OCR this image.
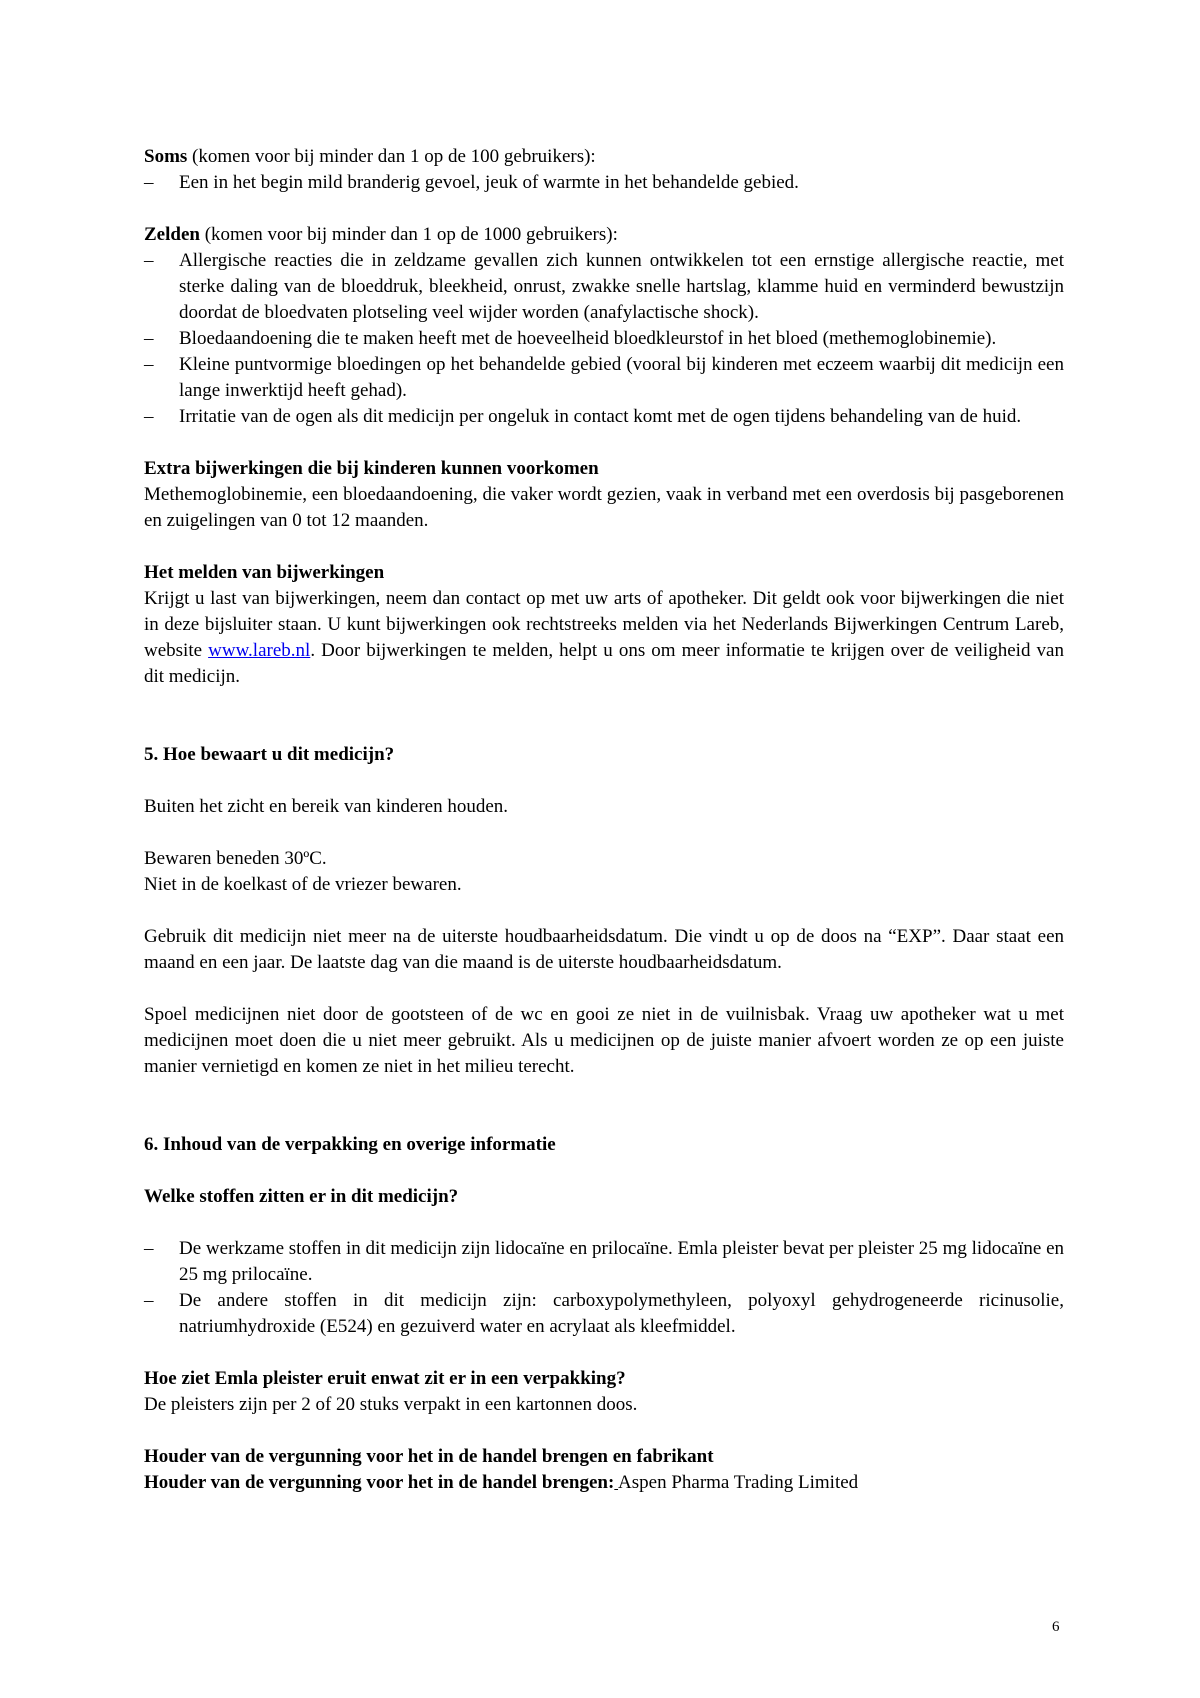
Soms (komen voor bij minder dan 1 op de 100 gebruikers):

– Een in het begin mild branderig gevoel, jeuk of warmte in het behandelde gebied.

Zelden (komen voor bij minder dan 1 op de 1000 gebruikers):

– Allergische reacties die in zeldzame gevallen zich kunnen ontwikkelen tot een ernstige allergische reactie, met sterke daling van de bloeddruk, bleekheid, onrust, zwakke snelle hartslag, klamme huid en verminderd bewustzijn doordat de bloedvaten plotseling veel wijder worden (anafylactische shock).
– Bloedaandoening die te maken heeft met de hoeveelheid bloedkleurstof in het bloed (methemoglobinemie).
– Kleine puntvormige bloedingen op het behandelde gebied (vooral bij kinderen met eczeem waarbij dit medicijn een lange inwerktijd heeft gehad).
– Irritatie van de ogen als dit medicijn per ongeluk in contact komt met de ogen tijdens behandeling van de huid.

Extra bijwerkingen die bij kinderen kunnen voorkomen

Methemoglobinemie, een bloedaandoening, die vaker wordt gezien, vaak in verband met een overdosis bij pasgeborenen en zuigelingen van 0 tot 12 maanden.

Het melden van bijwerkingen

Krijgt u last van bijwerkingen, neem dan contact op met uw arts of apotheker. Dit geldt ook voor bijwerkingen die niet in deze bijsluiter staan. U kunt bijwerkingen ook rechtstreeks melden via het Nederlands Bijwerkingen Centrum Lareb, website www.lareb.nl. Door bijwerkingen te melden, helpt u ons om meer informatie te krijgen over de veiligheid van dit medicijn.

5. Hoe bewaart u dit medicijn?

Buiten het zicht en bereik van kinderen houden.

Bewaren beneden 30ºC.

Niet in de koelkast of de vriezer bewaren.

Gebruik dit medicijn niet meer na de uiterste houdbaarheidsdatum. Die vindt u op de doos na “EXP”. Daar staat een maand en een jaar. De laatste dag van die maand is de uiterste houdbaarheidsdatum.

Spoel medicijnen niet door de gootsteen of de wc en gooi ze niet in de vuilnisbak. Vraag uw apotheker wat u met medicijnen moet doen die u niet meer gebruikt. Als u medicijnen op de juiste manier afvoert worden ze op een juiste manier vernietigd en komen ze niet in het milieu terecht.

6. Inhoud van de verpakking en overige informatie

Welke stoffen zitten er in dit medicijn?

– De werkzame stoffen in dit medicijn zijn lidocaïne en prilocaïne. Emla pleister bevat per pleister 25 mg lidocaïne en 25 mg prilocaïne.
– De andere stoffen in dit medicijn zijn: carboxypolymethyleen, polyoxyl gehydrogeneerde ricinusolie, natriumhydroxide (E524) en gezuiverd water en acrylaat als kleefmiddel.

Hoe ziet Emla pleister eruit enwat zit er in een verpakking?

De pleisters zijn per 2 of 20 stuks verpakt in een kartonnen doos.

Houder van de vergunning voor het in de handel brengen en fabrikant

Houder van de vergunning voor het in de handel brengen: Aspen Pharma Trading Limited

6
